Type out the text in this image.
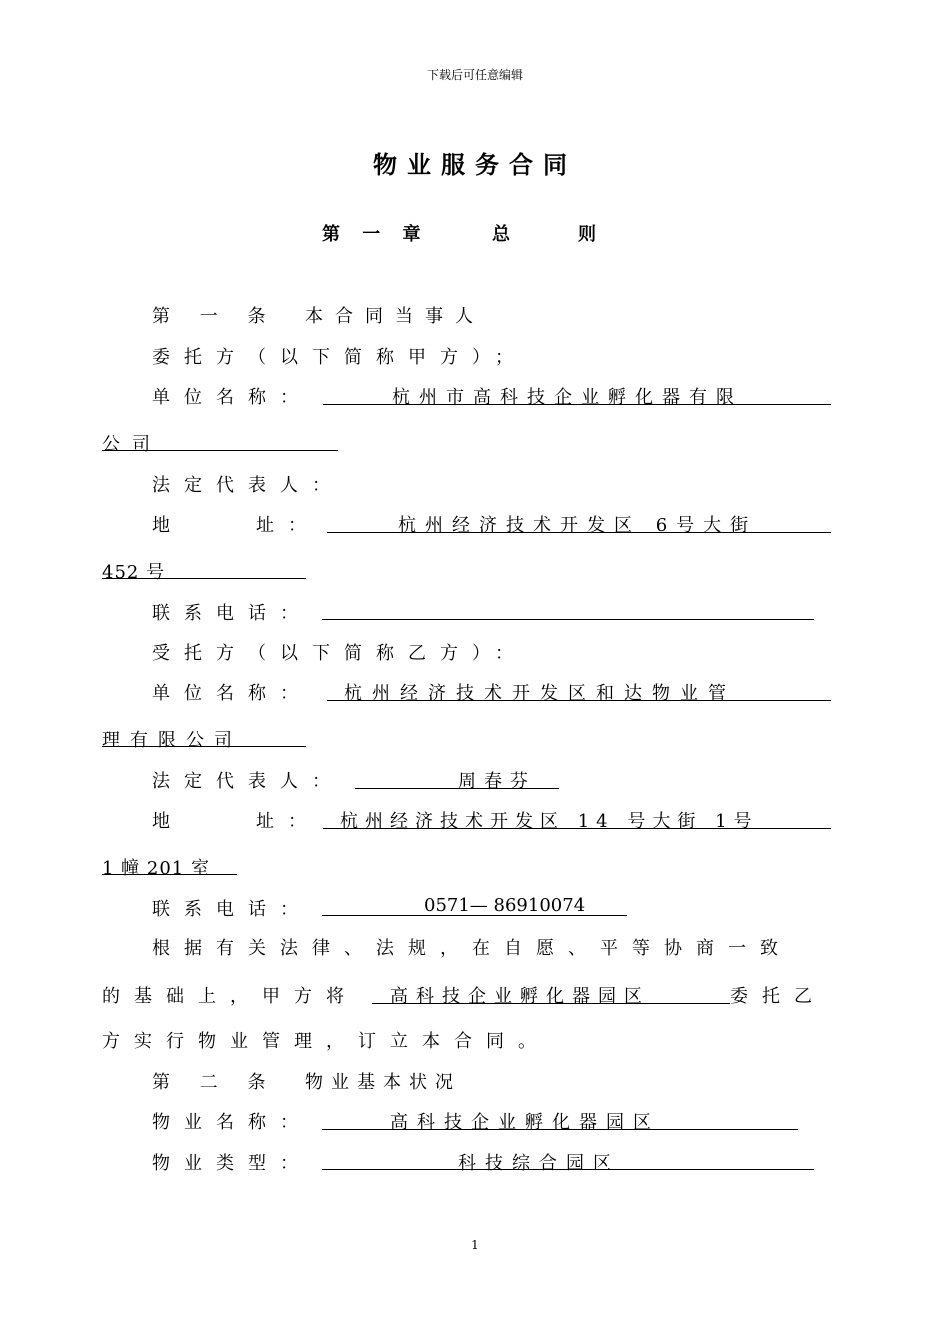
下载后可任意编辑
物业服务合同
第 一 章	总	则
第 一 条 本合同当事人
委托方（以下简称甲方）；
单位名称：	杭州市高科技企业孵化器有限
公司
法定代表人：
地	址：	杭州经济技术开发区 6号大街
452 号
联系电话：
受托方（以下简称乙方）：
单位名称： 杭州经济技术开发区和达物业管
理有限公司
法定代表人：	周春芬
地	址： 杭州经济技术开发区 14 号大街 1号
1 幢 201 室
联系电话：	0571— 86910074
根据有关法律、法规，在自愿、平等协商一致
的基础上，甲方将 高科技企业孵化器园区	委托乙
方实行物业管理，订立本合同。
第 二 条 物业基本状况
物业名称：	高科技企业孵化器园区
物业类型：	科技综合园区
1
